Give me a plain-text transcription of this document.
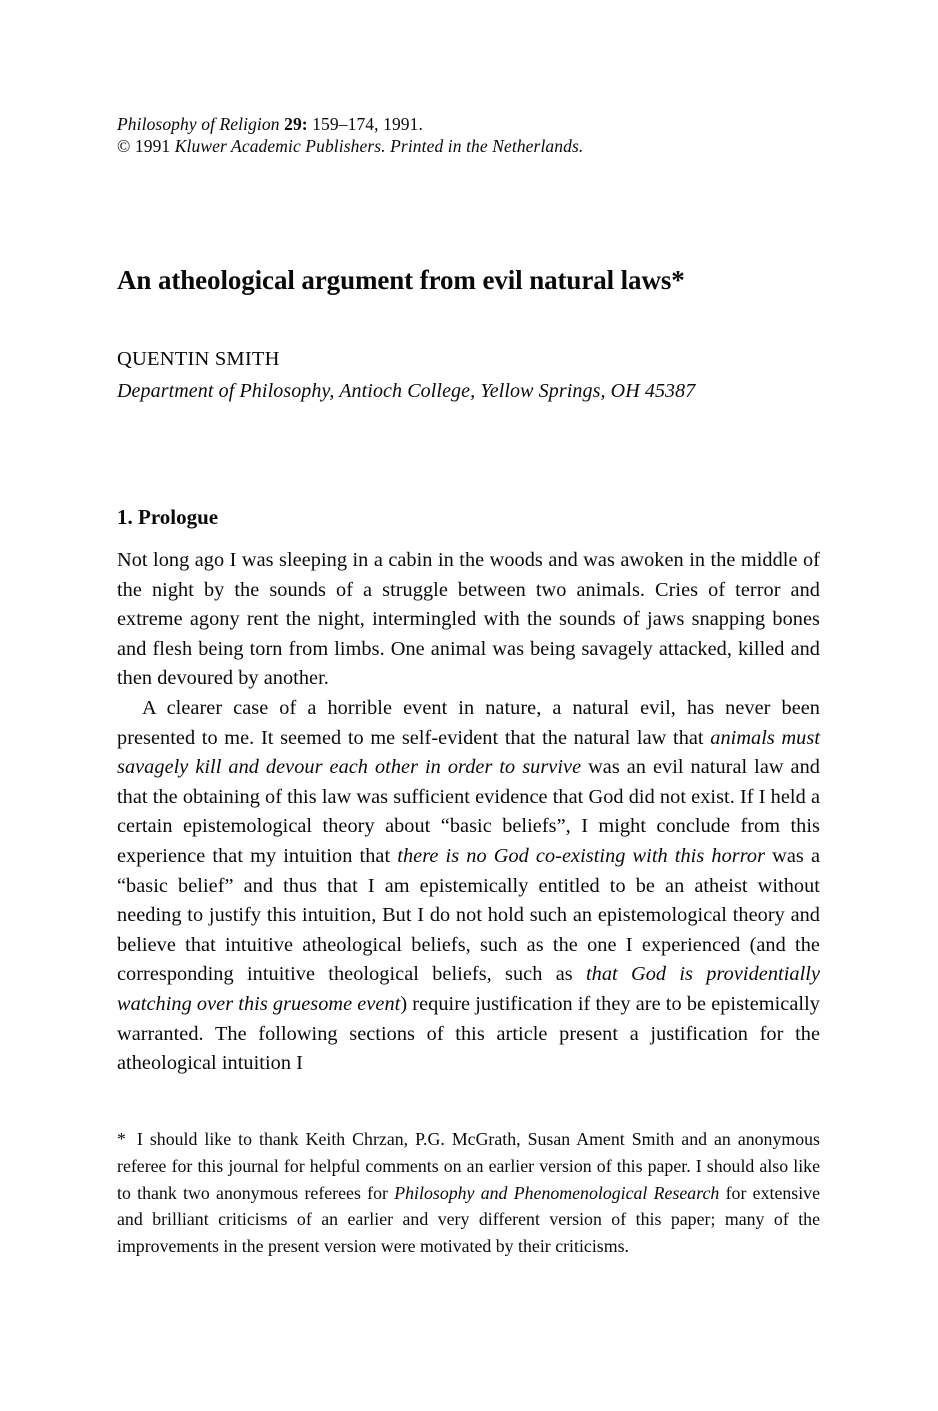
Philosophy of Religion 29: 159–174, 1991.
© 1991 Kluwer Academic Publishers. Printed in the Netherlands.
An atheological argument from evil natural laws*
QUENTIN SMITH
Department of Philosophy, Antioch College, Yellow Springs, OH 45387
1. Prologue

Not long ago I was sleeping in a cabin in the woods and was awoken in the middle of the night by the sounds of a struggle between two animals. Cries of terror and extreme agony rent the night, intermingled with the sounds of jaws snapping bones and flesh being torn from limbs. One animal was being savagely attacked, killed and then devoured by another.

A clearer case of a horrible event in nature, a natural evil, has never been presented to me. It seemed to me self-evident that the natural law that animals must savagely kill and devour each other in order to survive was an evil natural law and that the obtaining of this law was sufficient evidence that God did not exist. If I held a certain epistemological theory about “basic beliefs”, I might conclude from this experience that my intuition that there is no God co-existing with this horror was a “basic belief” and thus that I am epistemically entitled to be an atheist without needing to justify this intuition, But I do not hold such an epistemological theory and believe that intuitive atheological beliefs, such as the one I experienced (and the corresponding intuitive theological beliefs, such as that God is providentially watching over this gruesome event) require justification if they are to be epistemically warranted. The following sections of this article present a justification for the atheological intuition I

* I should like to thank Keith Chrzan, P.G. McGrath, Susan Ament Smith and an anonymous referee for this journal for helpful comments on an earlier version of this paper. I should also like to thank two anonymous referees for Philosophy and Phenomenological Research for extensive and brilliant criticisms of an earlier and very different version of this paper; many of the improvements in the present version were motivated by their criticisms.
